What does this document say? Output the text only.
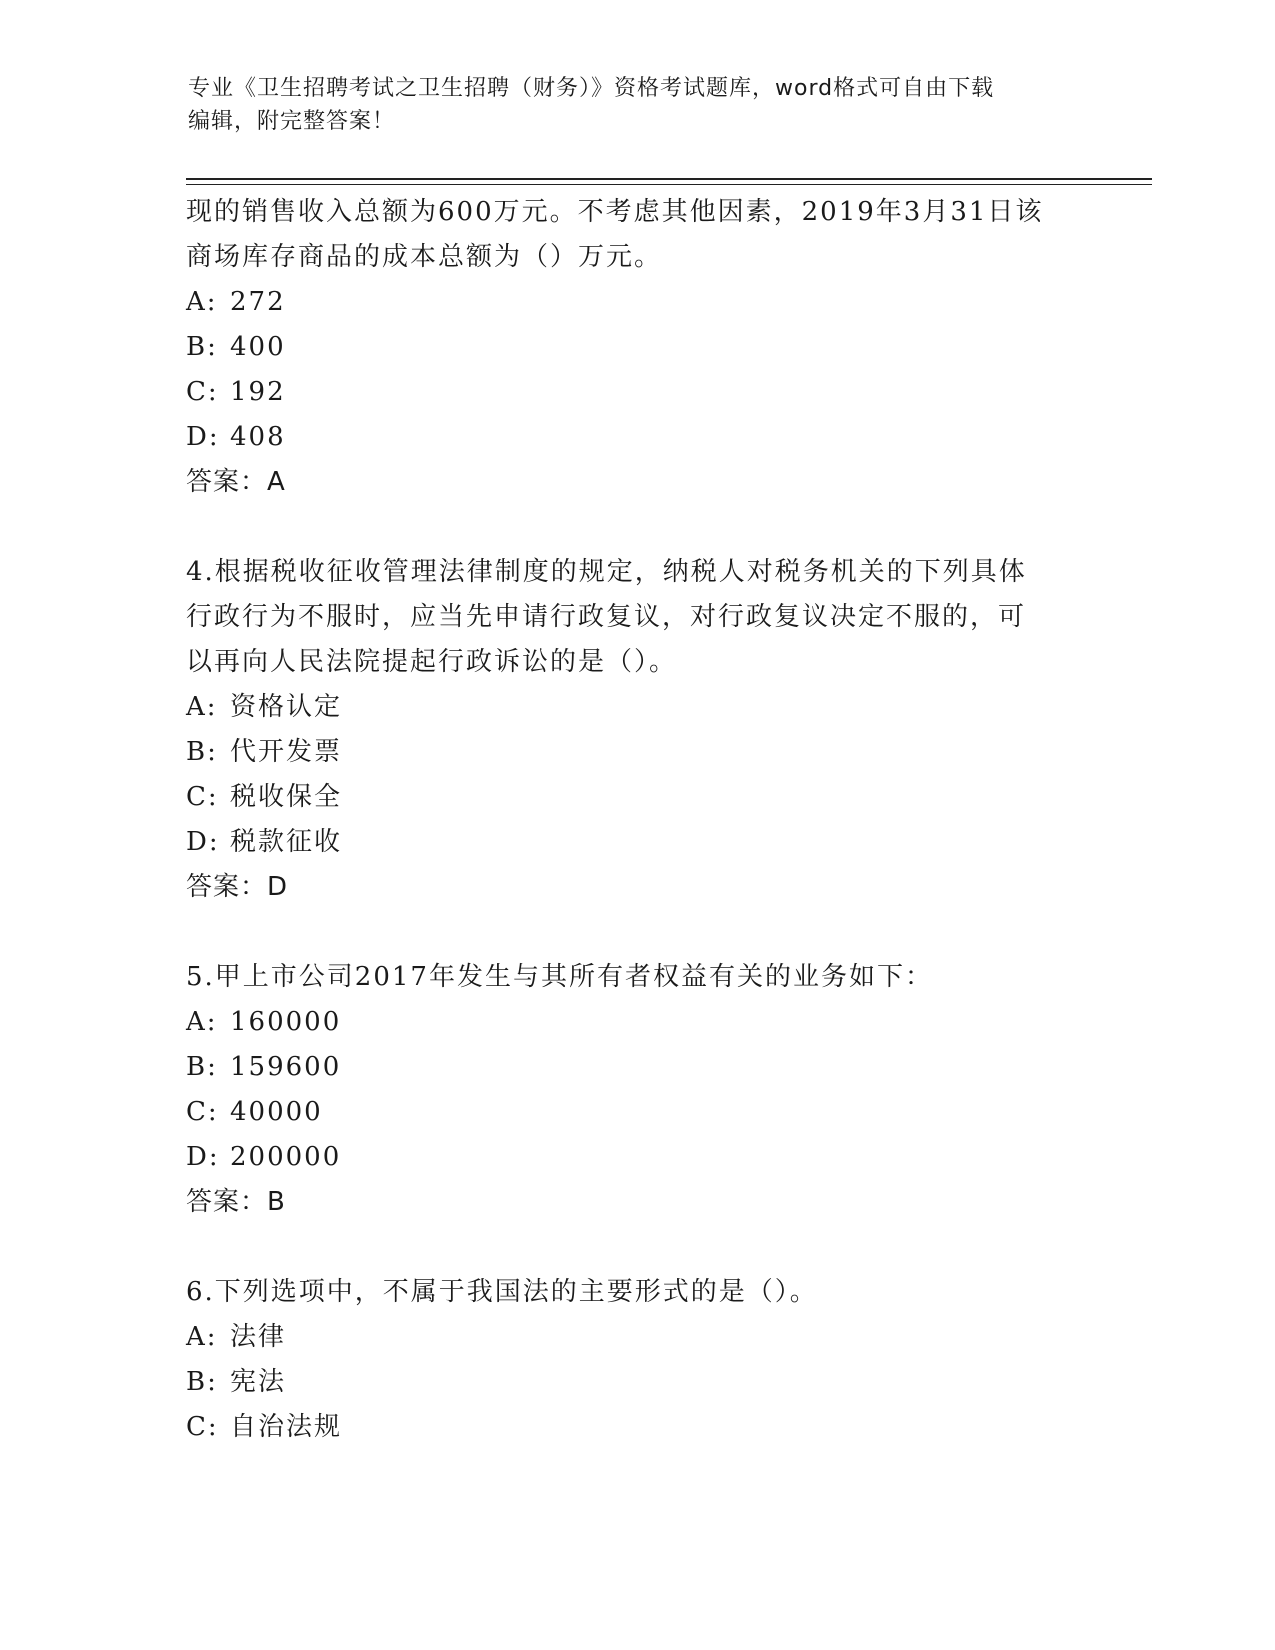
专业《卫生招聘考试之卫生招聘（财务）》资格考试题库，word格式可自由下载
编辑，附完整答案！
现的销售收入总额为600万元。不考虑其他因素，2019年3月31日该
商场库存商品的成本总额为（）万元。
A: 272
B: 400
C: 192
D: 408
答案：A
4.根据税收征收管理法律制度的规定，纳税人对税务机关的下列具体
行政行为不服时，应当先申请行政复议，对行政复议决定不服的，可
以再向人民法院提起行政诉讼的是（）。
A: 资格认定
B: 代开发票
C: 税收保全
D: 税款征收
答案：D
5.甲上市公司2017年发生与其所有者权益有关的业务如下：
A: 160000
B: 159600
C: 40000
D: 200000
答案：B
6.下列选项中，不属于我国法的主要形式的是（）。
A: 法律
B: 宪法
C: 自治法规
